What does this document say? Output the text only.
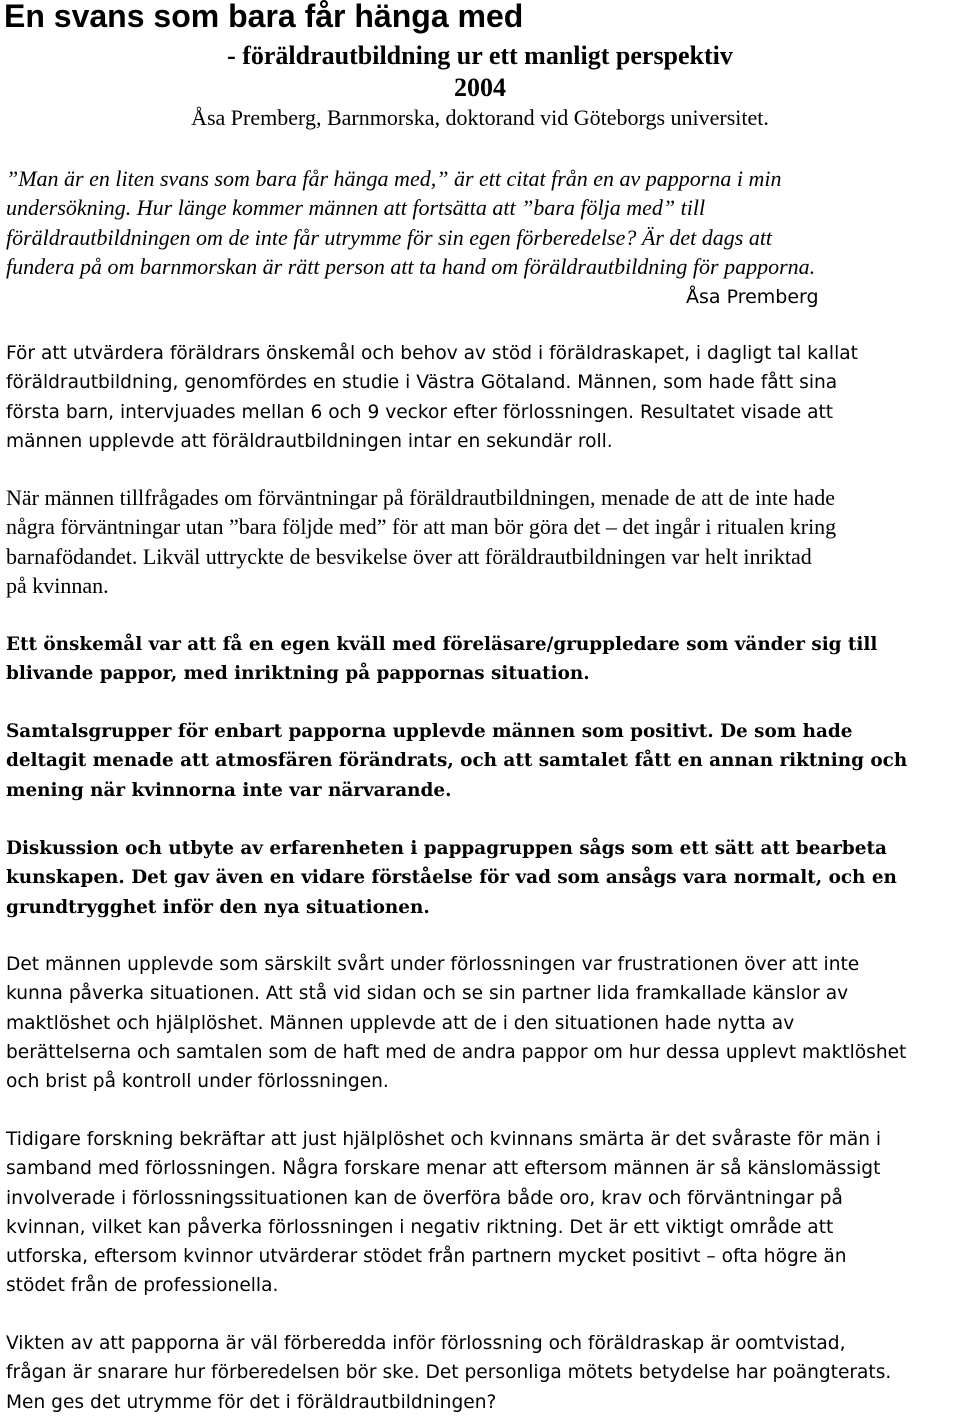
En svans som bara får hänga med
- föräldrautbildning ur ett manligt perspektiv
2004
Åsa Premberg, Barnmorska, doktorand vid Göteborgs universitet.

”Man är en liten svans som bara får hänga med,” är ett citat från en av papporna i min
undersökning. Hur länge kommer männen att fortsätta att ”bara följa med” till
föräldrautbildningen om de inte får utrymme för sin egen förberedelse? Är det dags att
fundera på om barnmorskan är rätt person att ta hand om föräldrautbildning för papporna.

Åsa Premberg

För att utvärdera föräldrars önskemål och behov av stöd i föräldraskapet, i dagligt tal kallat
föräldrautbildning, genomfördes en studie i Västra Götaland. Männen, som hade fått sina
första barn, intervjuades mellan 6 och 9 veckor efter förlossningen. Resultatet visade att
männen upplevde att föräldrautbildningen intar en sekundär roll.

När männen tillfrågades om förväntningar på föräldrautbildningen, menade de att de inte hade
några förväntningar utan ”bara följde med” för att man bör göra det – det ingår i ritualen kring
barnafödandet. Likväl uttryckte de besvikelse över att föräldrautbildningen var helt inriktad
på kvinnan.

Ett önskemål var att få en egen kväll med föreläsare/gruppledare som vänder sig till
blivande pappor, med inriktning på pappornas situation.

Samtalsgrupper för enbart papporna upplevde männen som positivt. De som hade
deltagit menade att atmosfären förändrats, och att samtalet fått en annan riktning och
mening när kvinnorna inte var närvarande.

Diskussion och utbyte av erfarenheten i pappagruppen sågs som ett sätt att bearbeta
kunskapen. Det gav även en vidare förståelse för vad som ansågs vara normalt, och en
grundtrygghet inför den nya situationen.

Det männen upplevde som särskilt svårt under förlossningen var frustrationen över att inte
kunna påverka situationen. Att stå vid sidan och se sin partner lida framkallade känslor av
maktlöshet och hjälplöshet. Männen upplevde att de i den situationen hade nytta av
berättelserna och samtalen som de haft med de andra pappor om hur dessa upplevt maktlöshet
och brist på kontroll under förlossningen.

Tidigare forskning bekräftar att just hjälplöshet och kvinnans smärta är det svåraste för män i
samband med förlossningen. Några forskare menar att eftersom männen är så känslomässigt
involverade i förlossningssituationen kan de överföra både oro, krav och förväntningar på
kvinnan, vilket kan påverka förlossningen i negativ riktning. Det är ett viktigt område att
utforska, eftersom kvinnor utvärderar stödet från partnern mycket positivt – ofta högre än
stödet från de professionella.

Vikten av att papporna är väl förberedda inför förlossning och föräldraskap är oomtvistad,
frågan är snarare hur förberedelsen bör ske. Det personliga mötets betydelse har poängterats.
Men ges det utrymme för det i föräldrautbildningen?
